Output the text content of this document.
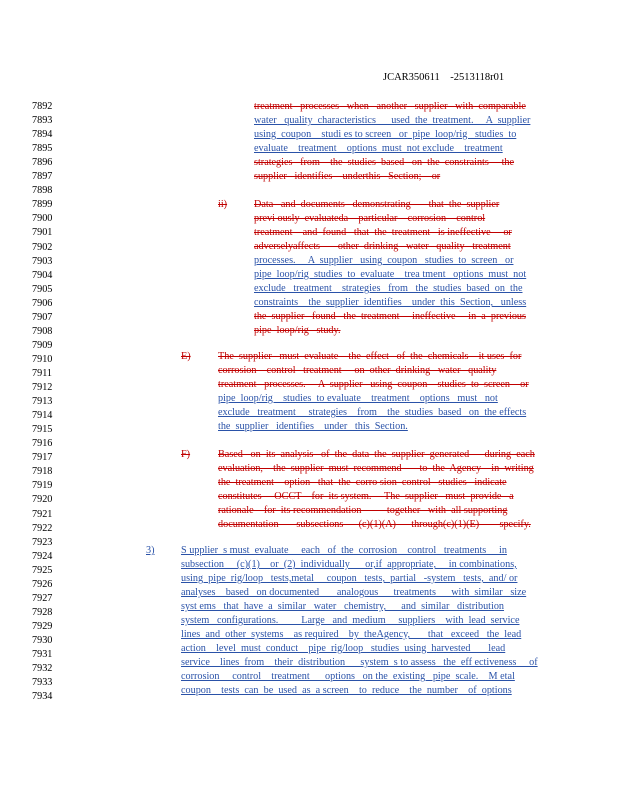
JCAR350611 -2513118r01
7892
7893
7894
7895
7896
7897
7898
7899
7900
7901
7902
7903
7904
7905
7906
7907
7908
7909
7910
7911
7912
7913
7914
7915
7916
7917
7918
7919
7920
7921
7922
7923
7924
7925
7926
7927
7928
7929
7930
7931
7932
7933
7934
ii)
E)
F)
3)
treatment   processes   when   another   supplier   with  comparable
water   quality  characteristics      used  the  treatment.     A  supplier
using  coupon    studi es to screen   or  pipe  loop/rig   studies  to
evaluate    treatment    options  must  not exclude    treatment
strategies   from    the  studies  based   on  the  constraints     the
supplier   identifies    underthis   Section;    or
Data   and  documents   demonstrating       that  the  supplier
previ ously  evaluateda    particular    corrosion    control
treatment    and  found   that  the  treatment   is ineffective     or
adverselyaffects       other  drinking   water   quality   treatment
processes.     A  supplier   using  coupon   studies  to  screen   or
pipe  loop/rig  studies  to  evaluate    trea tment   options  must  not
exclude   treatment    strategies   from   the  studies  based  on  the
constraints    the  supplier  identifies    under  this  Section,   unless
the  supplier   found   the  treatment     ineffective     in  a  previous
pipe  loop/rig   study.
The  supplier   must  evaluate    the  effect   of  the  chemicals    it uses  for
corrosion    control   treatment     on  other  drinking   water   quality
treatment   processes.     A  supplier   using  coupon    studies  to  screen    or
pipe  loop/rig    studies  to evaluate    treatment    options   must   not
exclude   treatment     strategies    from    the  studies  based   on  the effects
the  supplier   identifies    under   this  Section.
Based   on  its  analysis   of  the  data  the  supplier  generated      during  each
evaluation,    the  supplier  must  recommend       to  the  Agency    in  writing
the  treatment    option   that  the  corro sion  control   studies   indicate
constitutes     OCCT    for  its system.     The  supplier   must  provide   a
rationale    for  its recommendation          together   with  all supporting
documentation       subsections      (c)(1)(A)      through(c)(1)(E)        specify.
S upplier  s must  evaluate     each   of  the  corrosion    control   treatments     in
subsection     (c)(1)    or  (2)  individually      or,if  appropriate,     in combinations,
using  pipe  rig/loop   tests,metal     coupon   tests,  partial   -system   tests,  and/ or
analyses    based   on documented       analogous      treatments      with  similar   size
syst ems   that  have  a  similar   water   chemistry,      and  similar   distribution
system   configurations.         Large   and  medium     suppliers    with  lead  service
lines  and  other  systems    as required    by  theAgency,       that   exceed   the  lead
action    level  must  conduct    pipe  rig/loop   studies  using  harvested       lead
service    lines  from    their  distribution      system  s to assess   the  eff ectiveness     of
corrosion     control    treatment      options   on the  existing   pipe  scale.    M etal
coupon    tests  can  be  used  as  a screen    to  reduce    the  number    of  options
